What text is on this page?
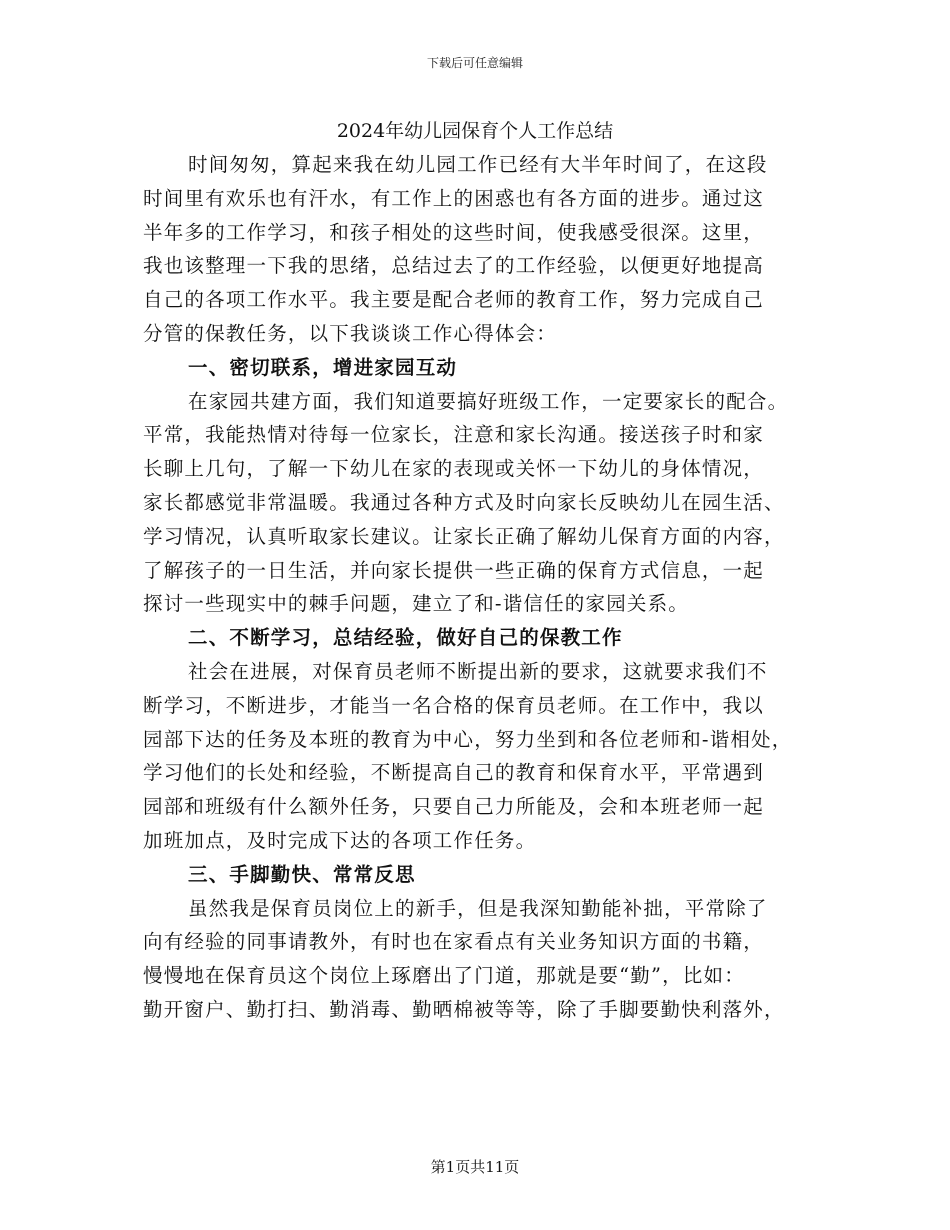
下载后可任意编辑
2024年幼儿园保育个人工作总结
时间匆匆，算起来我在幼儿园工作已经有大半年时间了，在这段
时间里有欢乐也有汗水，有工作上的困惑也有各方面的进步。通过这
半年多的工作学习，和孩子相处的这些时间，使我感受很深。这里，
我也该整理一下我的思绪，总结过去了的工作经验，以便更好地提高
自己的各项工作水平。我主要是配合老师的教育工作，努力完成自己
分管的保教任务，以下我谈谈工作心得体会：
一、密切联系，增进家园互动
在家园共建方面，我们知道要搞好班级工作，一定要家长的配合。
平常，我能热情对待每一位家长，注意和家长沟通。接送孩子时和家
长聊上几句，了解一下幼儿在家的表现或关怀一下幼儿的身体情况，
家长都感觉非常温暖。我通过各种方式及时向家长反映幼儿在园生活、
学习情况，认真听取家长建议。让家长正确了解幼儿保育方面的内容，
了解孩子的一日生活，并向家长提供一些正确的保育方式信息，一起
探讨一些现实中的棘手问题，建立了和-谐信任的家园关系。
二、不断学习，总结经验，做好自己的保教工作
社会在进展，对保育员老师不断提出新的要求，这就要求我们不
断学习，不断进步，才能当一名合格的保育员老师。在工作中，我以
园部下达的任务及本班的教育为中心，努力坐到和各位老师和-谐相处，
学习他们的长处和经验，不断提高自己的教育和保育水平，平常遇到
园部和班级有什么额外任务，只要自己力所能及，会和本班老师一起
加班加点，及时完成下达的各项工作任务。
三、手脚勤快、常常反思
虽然我是保育员岗位上的新手，但是我深知勤能补拙，平常除了
向有经验的同事请教外，有时也在家看点有关业务知识方面的书籍，
慢慢地在保育员这个岗位上琢磨出了门道，那就是要“勤”，比如：
勤开窗户、勤打扫、勤消毒、勤晒棉被等等，除了手脚要勤快利落外，
第1页共11页
